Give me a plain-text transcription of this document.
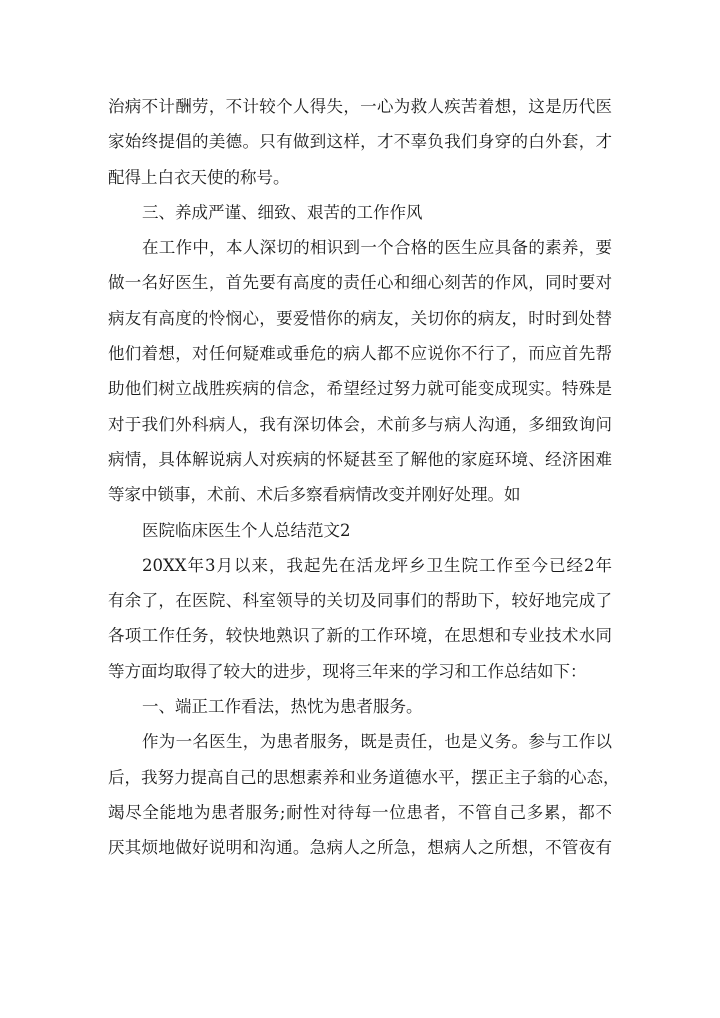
治病不计酬劳，不计较个人得失，一心为救人疾苦着想，这是历代医
家始终提倡的美德。只有做到这样，才不辜负我们身穿的白外套，才
配得上白衣天使的称号。
三、养成严谨、细致、艰苦的工作作风
在工作中，本人深切的相识到一个合格的医生应具备的素养，要
做一名好医生，首先要有高度的责任心和细心刻苦的作风，同时要对
病友有高度的怜悯心，要爱惜你的病友，关切你的病友，时时到处替
他们着想，对任何疑难或垂危的病人都不应说你不行了，而应首先帮
助他们树立战胜疾病的信念，希望经过努力就可能变成现实。特殊是
对于我们外科病人，我有深切体会，术前多与病人沟通，多细致询问
病情，具体解说病人对疾病的怀疑甚至了解他的家庭环境、经济困难
等家中锁事，术前、术后多察看病情改变并刚好处理。如
医院临床医生个人总结范文2
20XX年3月以来，我起先在活龙坪乡卫生院工作至今已经2年
有余了，在医院、科室领导的关切及同事们的帮助下，较好地完成了
各项工作任务，较快地熟识了新的工作环境，在思想和专业技术水同
等方面均取得了较大的进步，现将三年来的学习和工作总结如下：
一、端正工作看法，热忱为患者服务。
作为一名医生，为患者服务，既是责任，也是义务。参与工作以
后，我努力提高自己的思想素养和业务道德水平，摆正主子翁的心态，
竭尽全能地为患者服务;耐性对待每一位患者，不管自己多累，都不
厌其烦地做好说明和沟通。急病人之所急，想病人之所想，不管夜有
